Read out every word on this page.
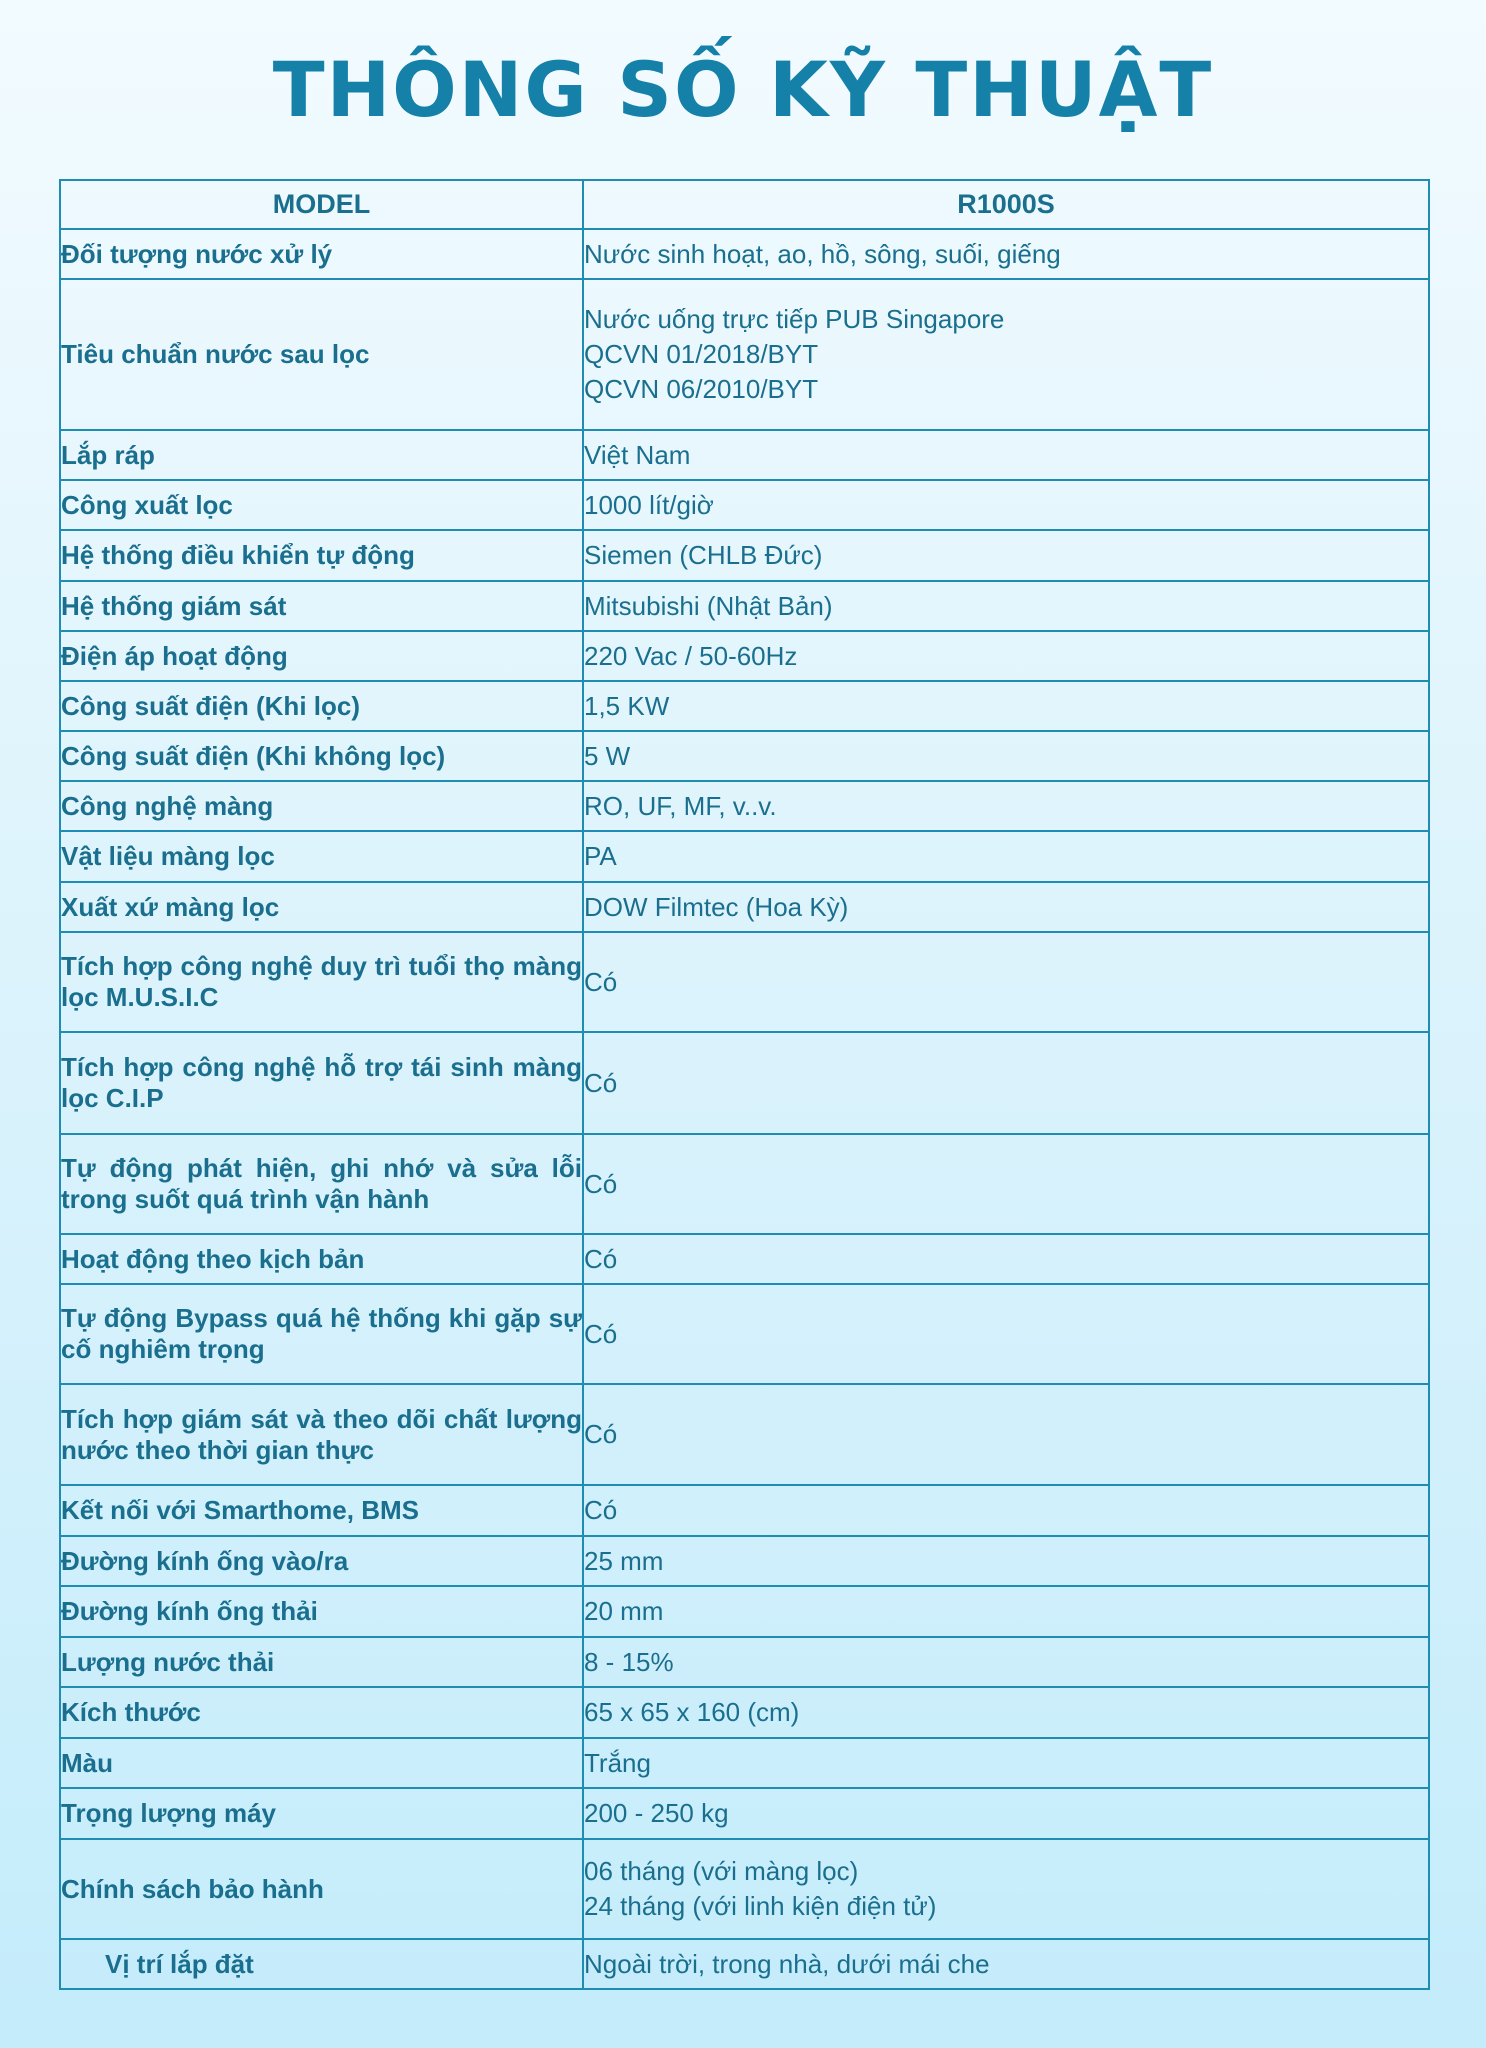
THÔNG SỐ KỸ THUẬT
MODEL	R1000S
Đối tượng nước xử lý	Nước sinh hoạt, ao, hồ, sông, suối, giếng

Tiêu chuẩn nước sau lọc	Nước uống trực tiếp PUB Singapore
QCVN 01/2018/BYT
QCVN 06/2010/BYT

Lắp ráp	Việt Nam

Công xuất lọc	1000 lít/giờ

Hệ thống điều khiển tự động	Siemen (CHLB Đức)

Hệ thống giám sát	Mitsubishi (Nhật Bản)

Điện áp hoạt động	220 Vac / 50-60Hz

Công suất điện (Khi lọc)	1,5 KW

Công suất điện (Khi không lọc)	5 W

Công nghệ màng	RO, UF, MF, v..v.

Vật liệu màng lọc	PA

Xuất xứ màng lọc	DOW Filmtec (Hoa Kỳ)

Tích hợp công nghệ duy trì tuổi thọ màng lọc M.U.S.I.C	Có

Tích hợp công nghệ hỗ trợ tái sinh màng lọc C.I.P	Có

Tự động phát hiện, ghi nhớ và sửa lỗi trong suốt quá trình vận hành	Có

Hoạt động theo kịch bản	Có

Tự động Bypass quá hệ thống khi gặp sự cố nghiêm trọng	Có

Tích hợp giám sát và theo dõi chất lượng nước theo thời gian thực	Có

Kết nối với Smarthome, BMS	Có

Đường kính ống vào/ra	25 mm

Đường kính ống thải	20 mm

Lượng nước thải	8 - 15%

Kích thước	65 x 65 x 160 (cm)

Màu	Trắng

Trọng lượng máy	200 - 250 kg

Chính sách bảo hành	06 tháng (với màng lọc)
24 tháng (với linh kiện điện tử)

Vị trí lắp đặt	Ngoài trời, trong nhà, dưới mái che
